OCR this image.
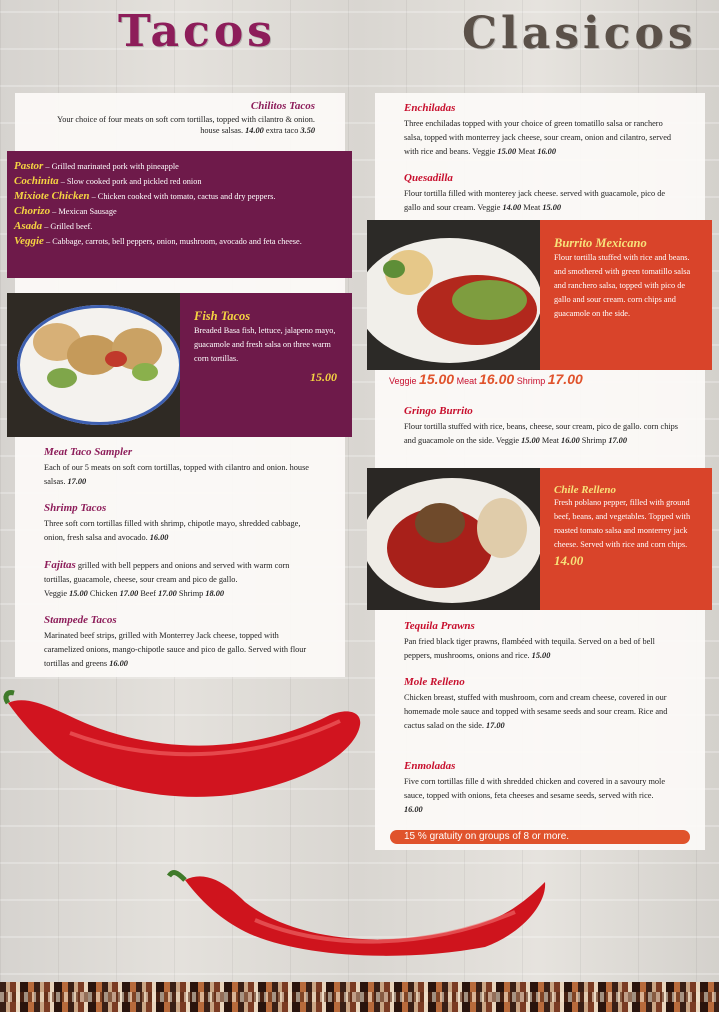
Tacos	Clasicos
Chilitos Tacos
Your choice of four meats on soft corn tortillas, topped with cilantro & onion. house salsas. 14.00 extra taco 3.50
Pastor – Grilled marinated pork with pineapple
Cochinita – Slow cooked pork and pickled red onion
Mixiote Chicken – Chicken cooked with tomato, cactus and dry peppers.
Chorizo – Mexican Sausage
Asada – Grilled beef.
Veggie – Cabbage, carrots, bell peppers, onion, mushroom, avocado and feta cheese.
Fish Tacos
Breaded Basa fish, lettuce, jalapeno mayo, guacamole and fresh salsa on three warm corn tortillas.
15.00
Meat Taco Sampler
Each of our 5 meats on soft corn tortillas, topped with cilantro and onion. house salsas. 17.00
Shrimp Tacos
Three soft corn tortillas filled with shrimp, chipotle mayo, shredded cabbage, onion, fresh salsa and avocado. 16.00
Fajitas grilled with bell peppers and onions and served with warm corn tortillas, guacamole, cheese, sour cream and pico de gallo.
Veggie 15.00 Chicken 17.00 Beef 17.00 Shrimp 18.00
Stampede Tacos
Marinated beef strips, grilled with Monterrey Jack cheese, topped with caramelized onions, mango-chipotle sauce and pico de gallo. Served with flour tortillas and greens 16.00
Enchiladas
Three enchiladas topped with your choice of green tomatillo salsa or ranchero salsa, topped with monterrey jack cheese, sour cream, onion and cilantro, served with rice and beans. Veggie 15.00 Meat 16.00
Quesadilla
Flour tortilla filled with monterey jack cheese. served with guacamole, pico de gallo and sour cream. Veggie 14.00 Meat 15.00
Burrito Mexicano
Flour tortilla stuffed with rice and beans. and smothered with green tomatillo salsa and ranchero salsa, topped with pico de gallo and sour cream. corn chips and guacamole on the side.
Veggie 15.00 Meat 16.00 Shrimp 17.00
Gringo Burrito
Flour tortilla stuffed with rice, beans, cheese, sour cream, pico de gallo. corn chips and guacamole on the side. Veggie 15.00 Meat 16.00 Shrimp 17.00
Chile Relleno
Fresh poblano pepper, filled with ground beef, beans, and vegetables. Topped with roasted tomato salsa and monterrey jack cheese. Served with rice and corn chips.
14.00
Tequila Prawns
Pan fried black tiger prawns, flambéed with tequila. Served on a bed of bell peppers, mushrooms, onions and rice. 15.00
Mole Relleno
Chicken breast, stuffed with mushroom, corn and cream cheese, covered in our homemade mole sauce and topped with sesame seeds and sour cream. Rice and cactus salad on the side. 17.00
Enmoladas
Five corn tortillas fille d with shredded chicken and covered in a savoury mole sauce, topped with onions, feta cheeses and sesame seeds, served with rice. 16.00
15 % gratuity on groups of 8 or more.
